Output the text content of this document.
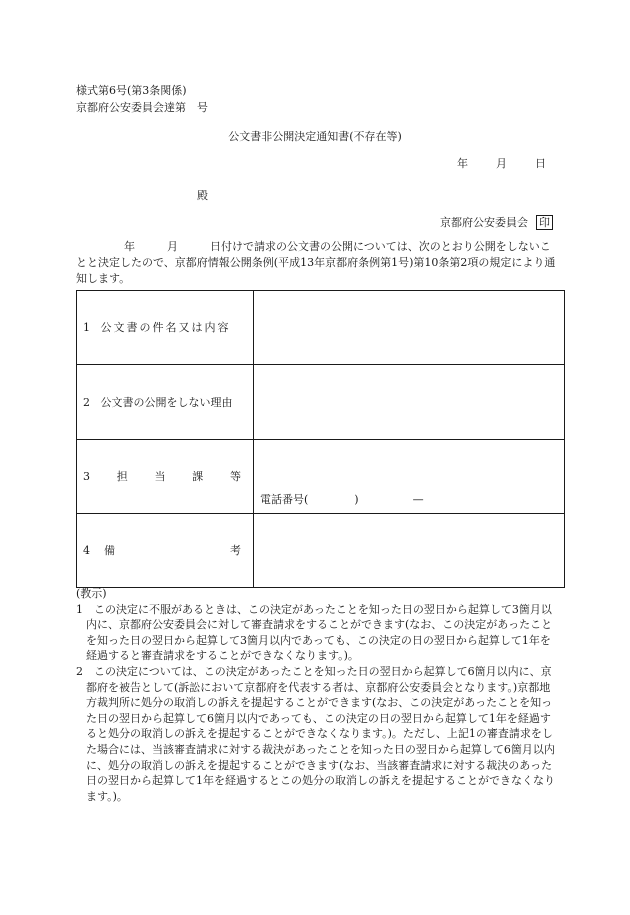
様式第6号(第3条関係)
京都府公安委員会達第　号
公文書非公開決定通知書(不存在等)
年	月	日
殿
京都府公安委員会 印
年	月	日付けで請求の公文書の公開については、次のとおり公開をしないことと決定したので、京都府情報公開条例(平成13年京都府条例第1号)第10条第2項の規定により通知します。
1 公文書の件名又は内容	
2 公文書の公開をしない理由	

3 担 当 課 等	電話番号( ) —

4 備 考	

(教示)

1　この決定に不服があるときは、この決定があったことを知った日の翌日から起算して3箇月以内に、京都府公安委員会に対して審査請求をすることができます(なお、この決定があったことを知った日の翌日から起算して3箇月以内であっても、この決定の日の翌日から起算して1年を経過すると審査請求をすることができなくなります。)。

2　この決定については、この決定があったことを知った日の翌日から起算して6箇月以内に、京都府を被告として(訴訟において京都府を代表する者は、京都府公安委員会となります。)京都地方裁判所に処分の取消しの訴えを提起することができます(なお、この決定があったことを知った日の翌日から起算して6箇月以内であっても、この決定の日の翌日から起算して1年を経過すると処分の取消しの訴えを提起することができなくなります。)。ただし、上記1の審査請求をした場合には、当該審査請求に対する裁決があったことを知った日の翌日から起算して6箇月以内に、処分の取消しの訴えを提起することができます(なお、当該審査請求に対する裁決のあった日の翌日から起算して1年を経過するとこの処分の取消しの訴えを提起することができなくなります。)。
